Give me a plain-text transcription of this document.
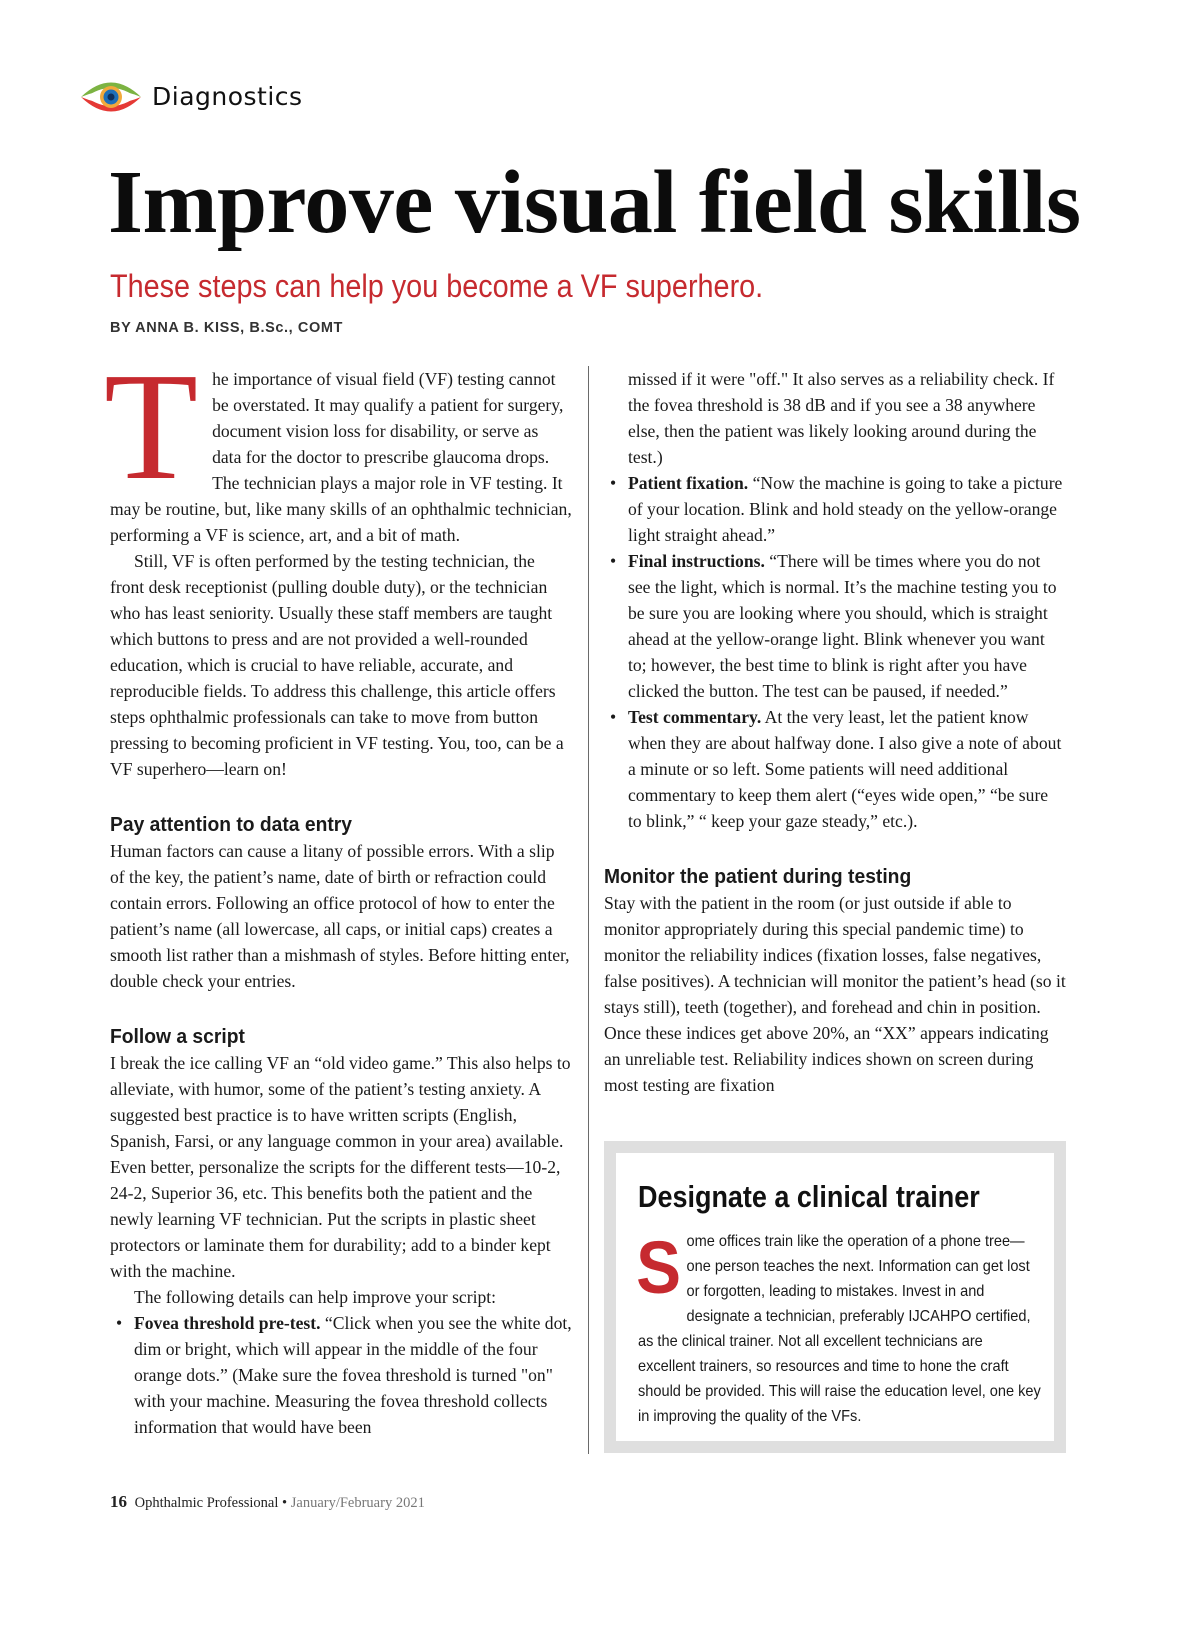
Diagnostics
Improve visual field skills

These steps can help you become a VF superhero.

BY ANNA B. KISS, B.Sc., COMT

The importance of visual field (VF) testing cannot be overstated. It may qualify a patient for surgery, document vision loss for disability, or serve as data for the doctor to prescribe glaucoma drops. The technician plays a major role in VF testing. It may be routine, but, like many skills of an ophthalmic technician, performing a VF is science, art, and a bit of math.

Still, VF is often performed by the testing technician, the front desk receptionist (pulling double duty), or the technician who has least seniority. Usually these staff members are taught which buttons to press and are not provided a well-rounded education, which is crucial to have reliable, accurate, and reproducible fields. To address this challenge, this article offers steps ophthalmic professionals can take to move from button pressing to becoming proficient in VF testing. You, too, can be a VF superhero—learn on!

Pay attention to data entry

Human factors can cause a litany of possible errors. With a slip of the key, the patient’s name, date of birth or refraction could contain errors. Following an office protocol of how to enter the patient’s name (all lowercase, all caps, or initial caps) creates a smooth list rather than a mishmash of styles. Before hitting enter, double check your entries.

Follow a script

I break the ice calling VF an “old video game.” This also helps to alleviate, with humor, some of the patient’s testing anxiety. A suggested best practice is to have written scripts (English, Spanish, Farsi, or any language common in your area) available. Even better, personalize the scripts for the different tests—10-2, 24-2, Superior 36, etc. This benefits both the patient and the newly learning VF technician. Put the scripts in plastic sheet protectors or laminate them for durability; add to a binder kept with the machine.

The following details can help improve your script:

• Fovea threshold pre-test. “Click when you see the white dot, dim or bright, which will appear in the middle of the four orange dots.” (Make sure the fovea threshold is turned "on" with your machine. Measuring the fovea threshold collects information that would have been

missed if it were "off." It also serves as a reliability check. If the fovea threshold is 38 dB and if you see a 38 anywhere else, then the patient was likely looking around during the test.)

• Patient fixation. “Now the machine is going to take a picture of your location. Blink and hold steady on the yellow-orange light straight ahead.”
• Final instructions. “There will be times where you do not see the light, which is normal. It’s the machine testing you to be sure you are looking where you should, which is straight ahead at the yellow-orange light. Blink whenever you want to; however, the best time to blink is right after you have clicked the button. The test can be paused, if needed.”
• Test commentary. At the very least, let the patient know when they are about halfway done. I also give a note of about a minute or so left. Some patients will need additional commentary to keep them alert (“eyes wide open,” “be sure to blink,” “ keep your gaze steady,” etc.).
Monitor the patient during testing

Stay with the patient in the room (or just outside if able to monitor appropriately during this special pandemic time) to monitor the reliability indices (fixation losses, false negatives, false positives). A technician will monitor the patient’s head (so it stays still), teeth (together), and forehead and chin in position. Once these indices get above 20%, an “XX” appears indicating an unreliable test. Reliability indices shown on screen during most testing are fixation

Designate a clinical trainer

Some offices train like the operation of a phone tree—one person teaches the next. Information can get lost or forgotten, leading to mistakes. Invest in and designate a technician, preferably IJCAHPO certified, as the clinical trainer. Not all excellent technicians are excellent trainers, so resources and time to hone the craft should be provided. This will raise the education level, one key in improving the quality of the VFs.

16 Ophthalmic Professional • January/February 2021
